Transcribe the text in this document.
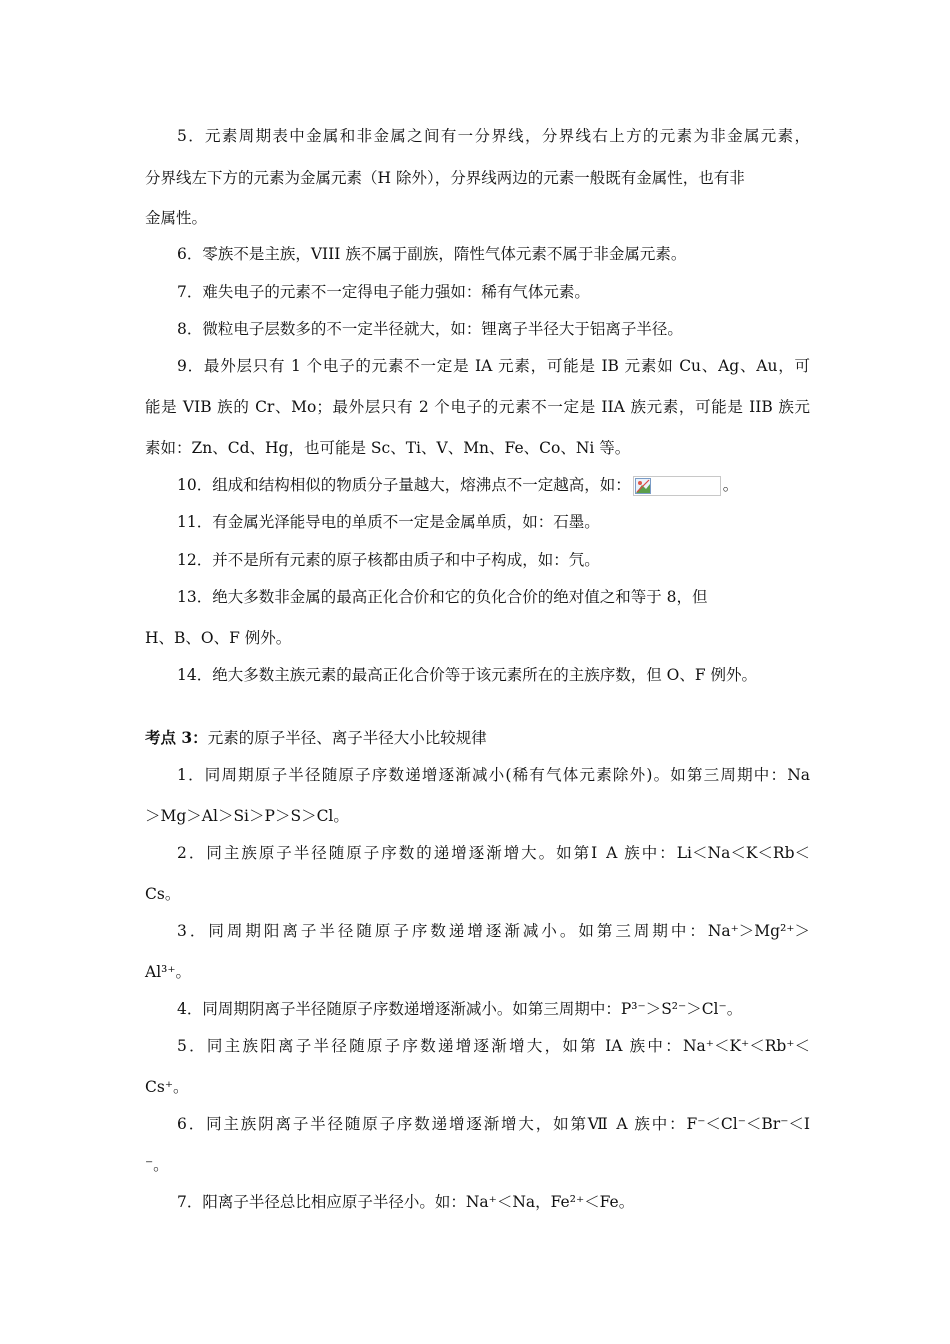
5．元素周期表中金属和非金属之间有一分界线，分界线右上方的元素为非金属元素，
分界线左下方的元素为金属元素（H 除外），分界线两边的元素一般既有金属性，也有非
金属性。
6．零族不是主族，VIII 族不属于副族，隋性气体元素不属于非金属元素。
7．难失电子的元素不一定得电子能力强如：稀有气体元素。
8．微粒电子层数多的不一定半径就大，如：锂离子半径大于铝离子半径。
9．最外层只有 1 个电子的元素不一定是 IA 元素，可能是 IB 元素如 Cu、Ag、Au，可
能是 VIB 族的 Cr、Mo；最外层只有 2 个电子的元素不一定是 IIA 族元素，可能是 IIB 族元
素如：Zn、Cd、Hg，也可能是 Sc、Ti、V、Mn、Fe、Co、Ni 等。
10．组成和结构相似的物质分子量越大，熔沸点不一定越高，如：	。
11．有金属光泽能导电的单质不一定是金属单质，如：石墨。
12．并不是所有元素的原子核都由质子和中子构成，如：氕。
13．绝大多数非金属的最高正化合价和它的负化合价的绝对值之和等于 8，但
H、B、O、F 例外。
14．绝大多数主族元素的最高正化合价等于该元素所在的主族序数，但 O、F 例外。
考点 3：元素的原子半径、离子半径大小比较规律
1．同周期原子半径随原子序数递增逐渐减小(稀有气体元素除外)。如第三周期中：Na
＞Mg＞Al＞Si＞P＞S＞Cl。
2．同主族原子半径随原子序数的递增逐渐增大。如第Ⅰ A 族中：Li＜Na＜K＜Rb＜
Cs。
3．同周期阳离子半径随原子序数递增逐渐减小。如第三周期中：Na⁺＞Mg²⁺＞
Al³⁺。
4．同周期阴离子半径随原子序数递增逐渐减小。如第三周期中：P³⁻＞S²⁻＞Cl⁻。
5．同主族阳离子半径随原子序数递增逐渐增大，如第 IA 族中：Na⁺＜K⁺＜Rb⁺＜
Cs⁺。
6．同主族阴离子半径随原子序数递增逐渐增大，如第Ⅶ A 族中：F⁻＜Cl⁻＜Br⁻＜I
⁻。
7．阳离子半径总比相应原子半径小。如：Na⁺＜Na，Fe²⁺＜Fe。
